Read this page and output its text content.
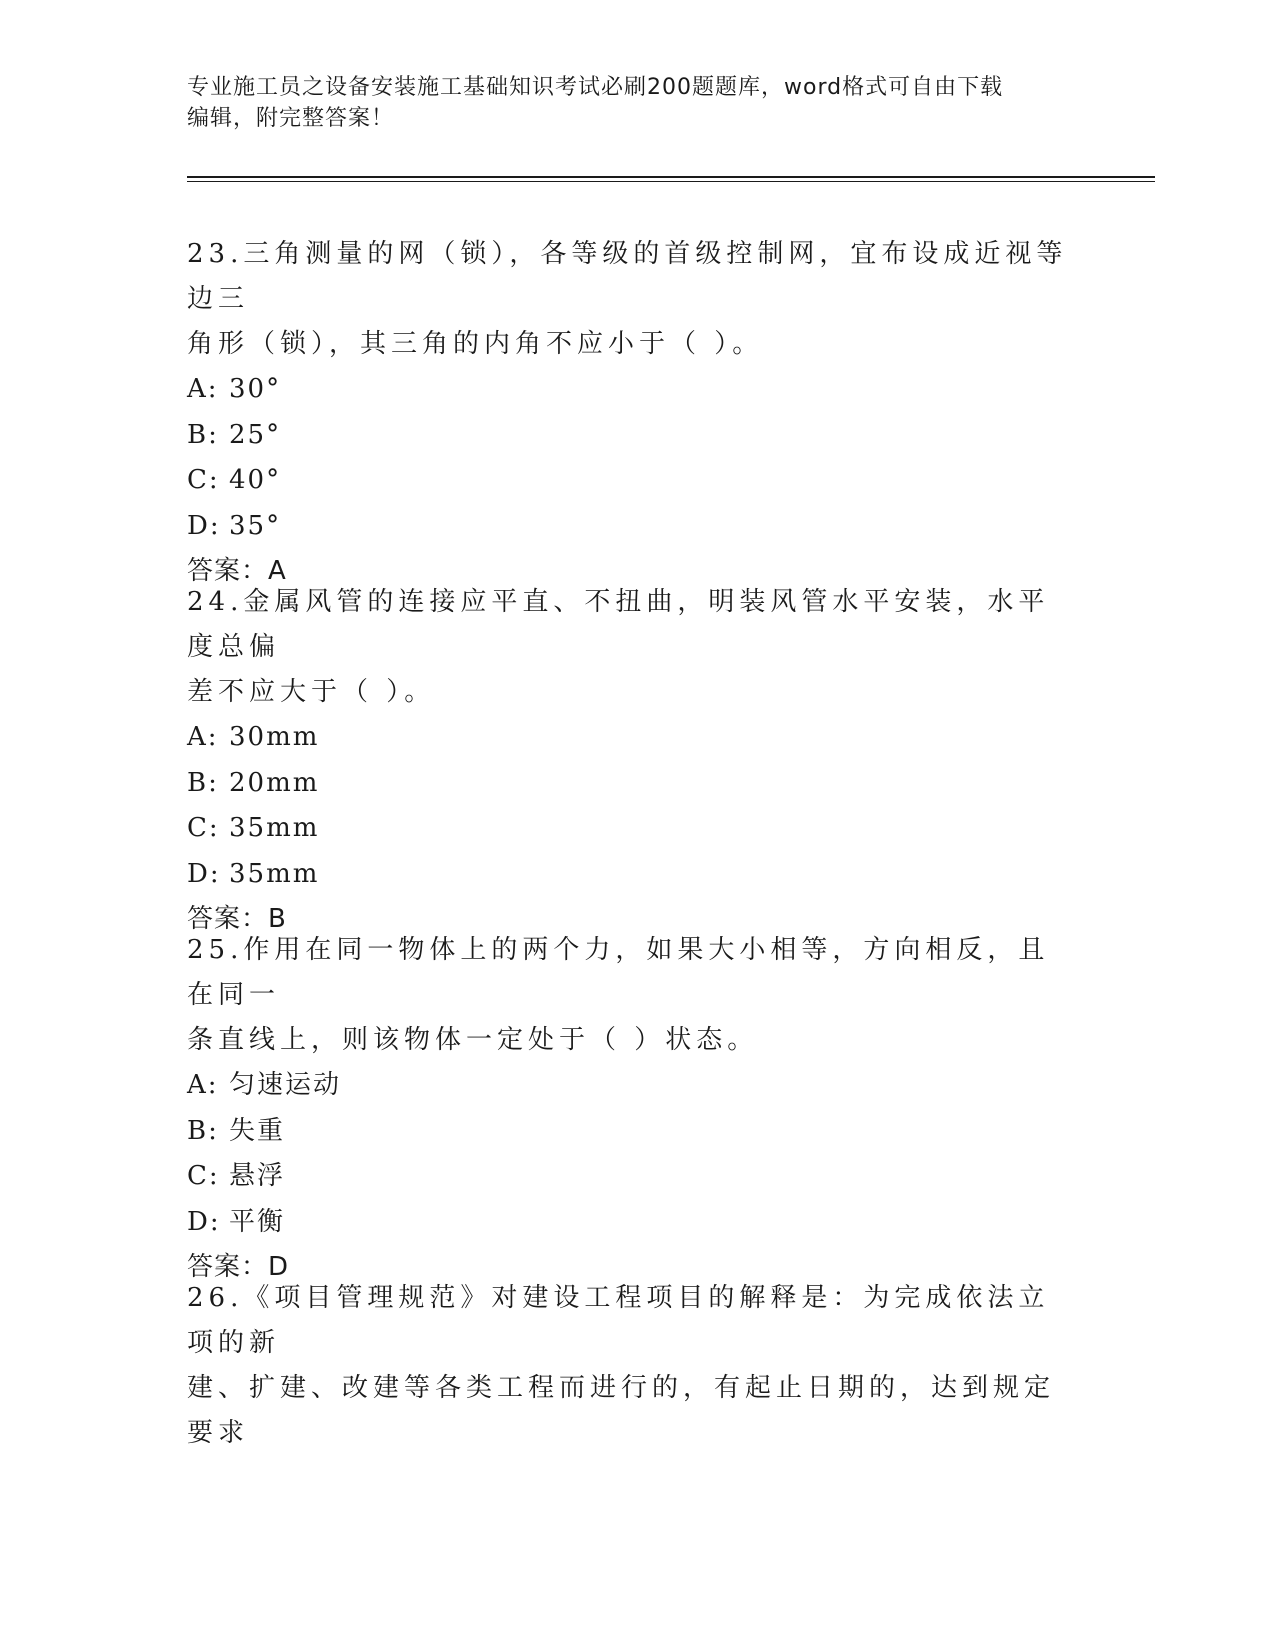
专业施工员之设备安装施工基础知识考试必刷200题题库，word格式可自由下载
编辑，附完整答案！
23.三角测量的网（锁），各等级的首级控制网，宜布设成近视等边三
角形（锁），其三角的内角不应小于（ ）。
A: 30°
B: 25°
C: 40°
D: 35°
答案：A
24.金属风管的连接应平直、不扭曲，明装风管水平安装，水平度总偏
差不应大于（ ）。
A: 30mm
B: 20mm
C: 35mm
D: 35mm
答案：B
25.作用在同一物体上的两个力，如果大小相等，方向相反，且在同一
条直线上，则该物体一定处于（ ）状态。
A: 匀速运动
B: 失重
C: 悬浮
D: 平衡
答案：D
26.《项目管理规范》对建设工程项目的解释是：为完成依法立项的新
建、扩建、改建等各类工程而进行的，有起止日期的，达到规定要求
